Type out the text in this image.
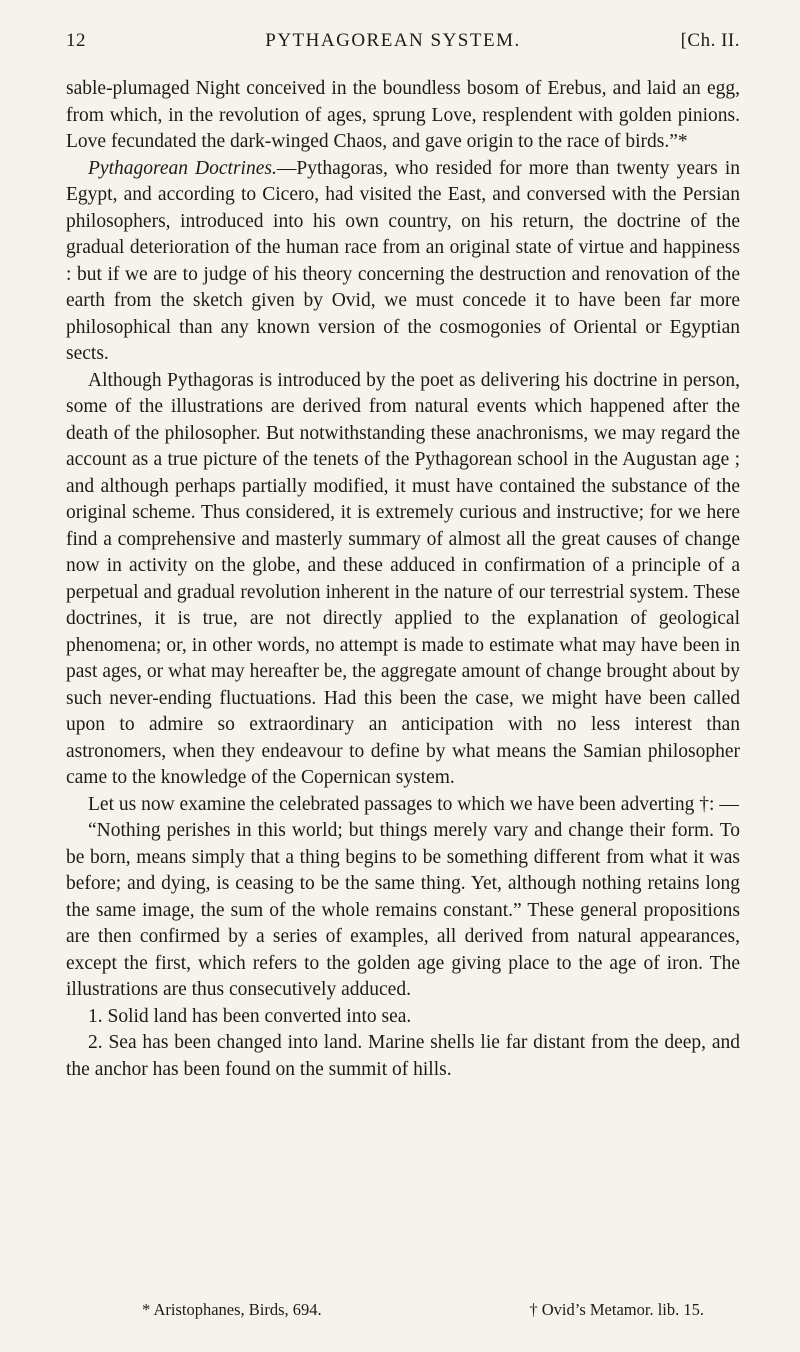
12	PYTHAGOREAN SYSTEM.	[Ch. II.

sable-plumaged Night conceived in the boundless bosom of Erebus, and laid an egg, from which, in the revolution of ages, sprung Love, resplendent with golden pinions. Love fecundated the dark-winged Chaos, and gave origin to the race of birds.”*

Pythagorean Doctrines.—Pythagoras, who resided for more than twenty years in Egypt, and according to Cicero, had visited the East, and conversed with the Persian philosophers, introduced into his own country, on his return, the doctrine of the gradual deterioration of the human race from an original state of virtue and happiness : but if we are to judge of his theory concerning the destruction and renovation of the earth from the sketch given by Ovid, we must concede it to have been far more philosophical than any known version of the cosmogonies of Oriental or Egyptian sects.

Although Pythagoras is introduced by the poet as delivering his doctrine in person, some of the illustrations are derived from natural events which happened after the death of the philosopher. But notwithstanding these anachronisms, we may regard the account as a true picture of the tenets of the Pythagorean school in the Augustan age ; and although perhaps partially modified, it must have contained the substance of the original scheme. Thus considered, it is extremely curious and instructive; for we here find a comprehensive and masterly summary of almost all the great causes of change now in activity on the globe, and these adduced in confirmation of a principle of a perpetual and gradual revolution inherent in the nature of our terrestrial system. These doctrines, it is true, are not directly applied to the explanation of geological phenomena; or, in other words, no attempt is made to estimate what may have been in past ages, or what may hereafter be, the aggregate amount of change brought about by such never-ending fluctuations. Had this been the case, we might have been called upon to admire so extraordinary an anticipation with no less interest than astronomers, when they endeavour to define by what means the Samian philosopher came to the knowledge of the Copernican system.

Let us now examine the celebrated passages to which we have been adverting †: —

“Nothing perishes in this world; but things merely vary and change their form. To be born, means simply that a thing begins to be something different from what it was before; and dying, is ceasing to be the same thing. Yet, although nothing retains long the same image, the sum of the whole remains constant.” These general propositions are then confirmed by a series of examples, all derived from natural appearances, except the first, which refers to the golden age giving place to the age of iron. The illustrations are thus consecutively adduced.

1. Solid land has been converted into sea.

2. Sea has been changed into land. Marine shells lie far distant from the deep, and the anchor has been found on the summit of hills.

* Aristophanes, Birds, 694.	† Ovid’s Metamor. lib. 15.
